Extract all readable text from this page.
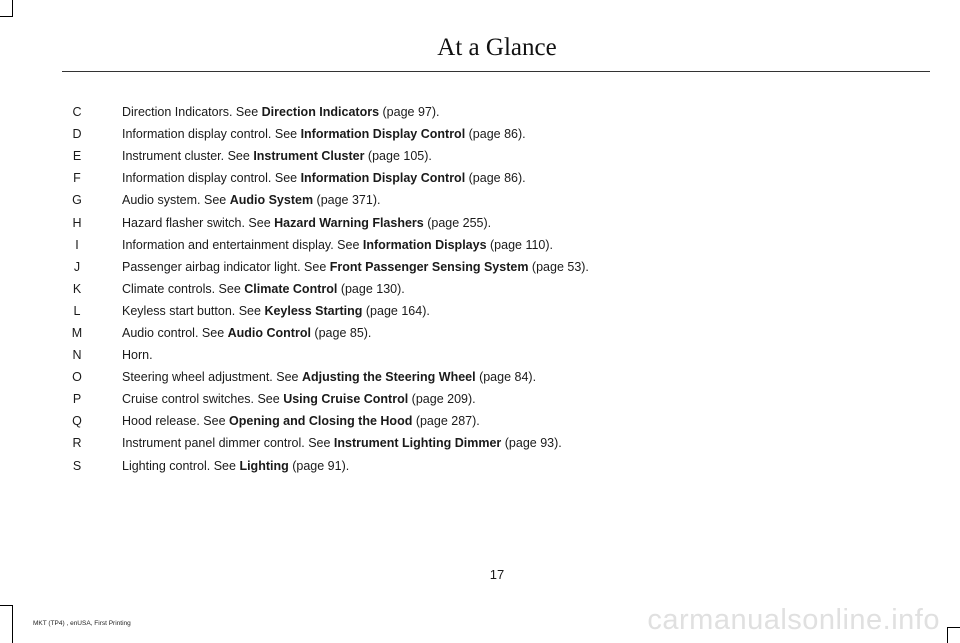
At a Glance
C	Direction Indicators. See Direction Indicators (page 97).
D	Information display control. See Information Display Control (page 86).
E	Instrument cluster. See Instrument Cluster (page 105).
F	Information display control. See Information Display Control (page 86).
G	Audio system. See Audio System (page 371).
H	Hazard flasher switch. See Hazard Warning Flashers (page 255).
I	Information and entertainment display. See Information Displays (page 110).
J	Passenger airbag indicator light. See Front Passenger Sensing System (page 53).
K	Climate controls. See Climate Control (page 130).
L	Keyless start button. See Keyless Starting (page 164).
M	Audio control. See Audio Control (page 85).
N	Horn.
O	Steering wheel adjustment. See Adjusting the Steering Wheel (page 84).
P	Cruise control switches. See Using Cruise Control (page 209).
Q	Hood release. See Opening and Closing the Hood (page 287).
R	Instrument panel dimmer control. See Instrument Lighting Dimmer (page 93).
S	Lighting control. See Lighting (page 91).
17
MKT (TP4) , enUSA, First Printing	carmanualsonline.info
